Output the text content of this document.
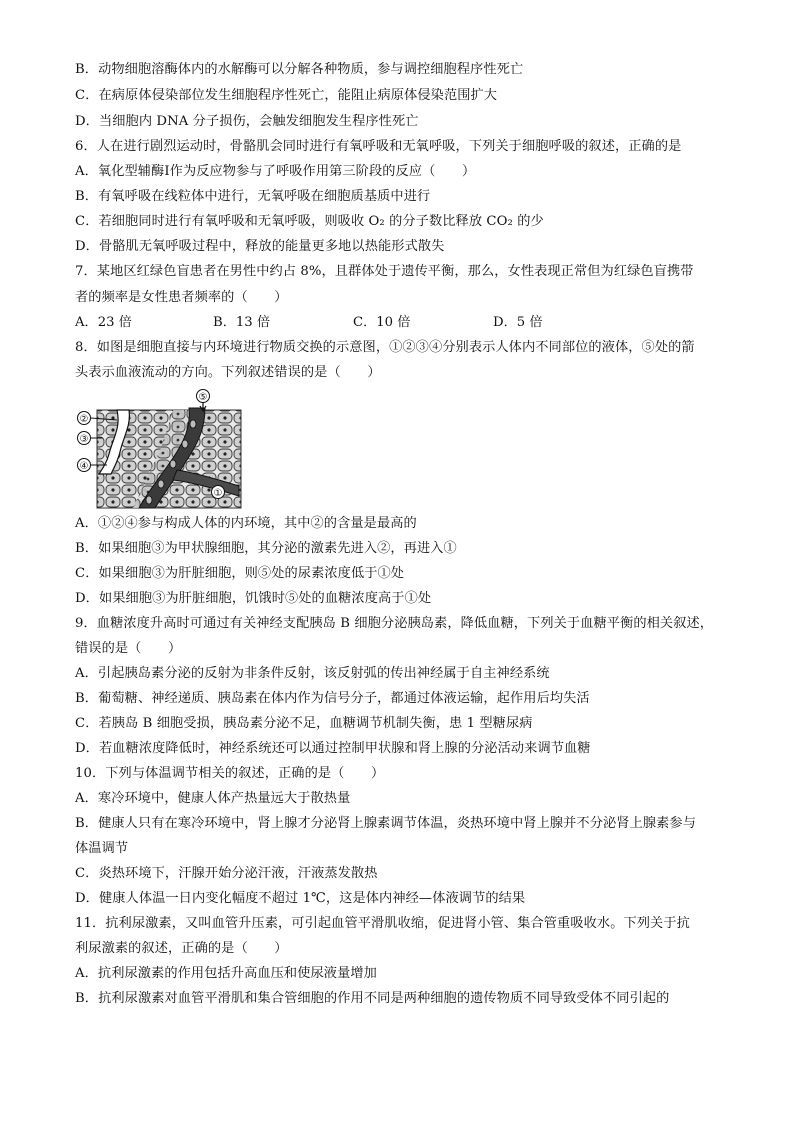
B．动物细胞溶酶体内的水解酶可以分解各种物质，参与调控细胞程序性死亡
C．在病原体侵染部位发生细胞程序性死亡，能阻止病原体侵染范围扩大
D．当细胞内 DNA 分子损伤，会触发细胞发生程序性死亡
6．人在进行剧烈运动时，骨骼肌会同时进行有氧呼吸和无氧呼吸，下列关于细胞呼吸的叙述，正确的是
A．氧化型辅酶Ⅰ作为反应物参与了呼吸作用第三阶段的反应（　　）
B．有氧呼吸在线粒体中进行，无氧呼吸在细胞质基质中进行
C．若细胞同时进行有氧呼吸和无氧呼吸，则吸收 O₂ 的分子数比释放 CO₂ 的少
D．骨骼肌无氧呼吸过程中，释放的能量更多地以热能形式散失
7．某地区红绿色盲患者在男性中约占 8%，且群体处于遗传平衡，那么，女性表现正常但为红绿色盲携带
者的频率是女性患者频率的（　　）
A．23 倍	B．13 倍	C．10 倍	D．5 倍
8．如图是细胞直接与内环境进行物质交换的示意图，①②③④分别表示人体内不同部位的液体，⑤处的箭
头表示血液流动的方向。下列叙述错误的是（　　）
⑤
②
③
④
①
A．①②④参与构成人体的内环境，其中②的含量是最高的
B．如果细胞③为甲状腺细胞，其分泌的激素先进入②，再进入①
C．如果细胞③为肝脏细胞，则⑤处的尿素浓度低于①处
D．如果细胞③为肝脏细胞，饥饿时⑤处的血糖浓度高于①处
9．血糖浓度升高时可通过有关神经支配胰岛 B 细胞分泌胰岛素，降低血糖，下列关于血糖平衡的相关叙述，
错误的是（　　）
A．引起胰岛素分泌的反射为非条件反射，该反射弧的传出神经属于自主神经系统
B．葡萄糖、神经递质、胰岛素在体内作为信号分子，都通过体液运输，起作用后均失活
C．若胰岛 B 细胞受损，胰岛素分泌不足，血糖调节机制失衡，患 1 型糖尿病
D．若血糖浓度降低时，神经系统还可以通过控制甲状腺和肾上腺的分泌活动来调节血糖
10．下列与体温调节相关的叙述，正确的是（　　）
A．寒冷环境中，健康人体产热量远大于散热量
B．健康人只有在寒冷环境中，肾上腺才分泌肾上腺素调节体温，炎热环境中肾上腺并不分泌肾上腺素参与
体温调节
C．炎热环境下，汗腺开始分泌汗液，汗液蒸发散热
D．健康人体温一日内变化幅度不超过 1℃，这是体内神经—体液调节的结果
11．抗利尿激素，又叫血管升压素，可引起血管平滑肌收缩，促进肾小管、集合管重吸收水。下列关于抗
利尿激素的叙述，正确的是（　　）
A．抗利尿激素的作用包括升高血压和使尿液量增加
B．抗利尿激素对血管平滑肌和集合管细胞的作用不同是两种细胞的遗传物质不同导致受体不同引起的
